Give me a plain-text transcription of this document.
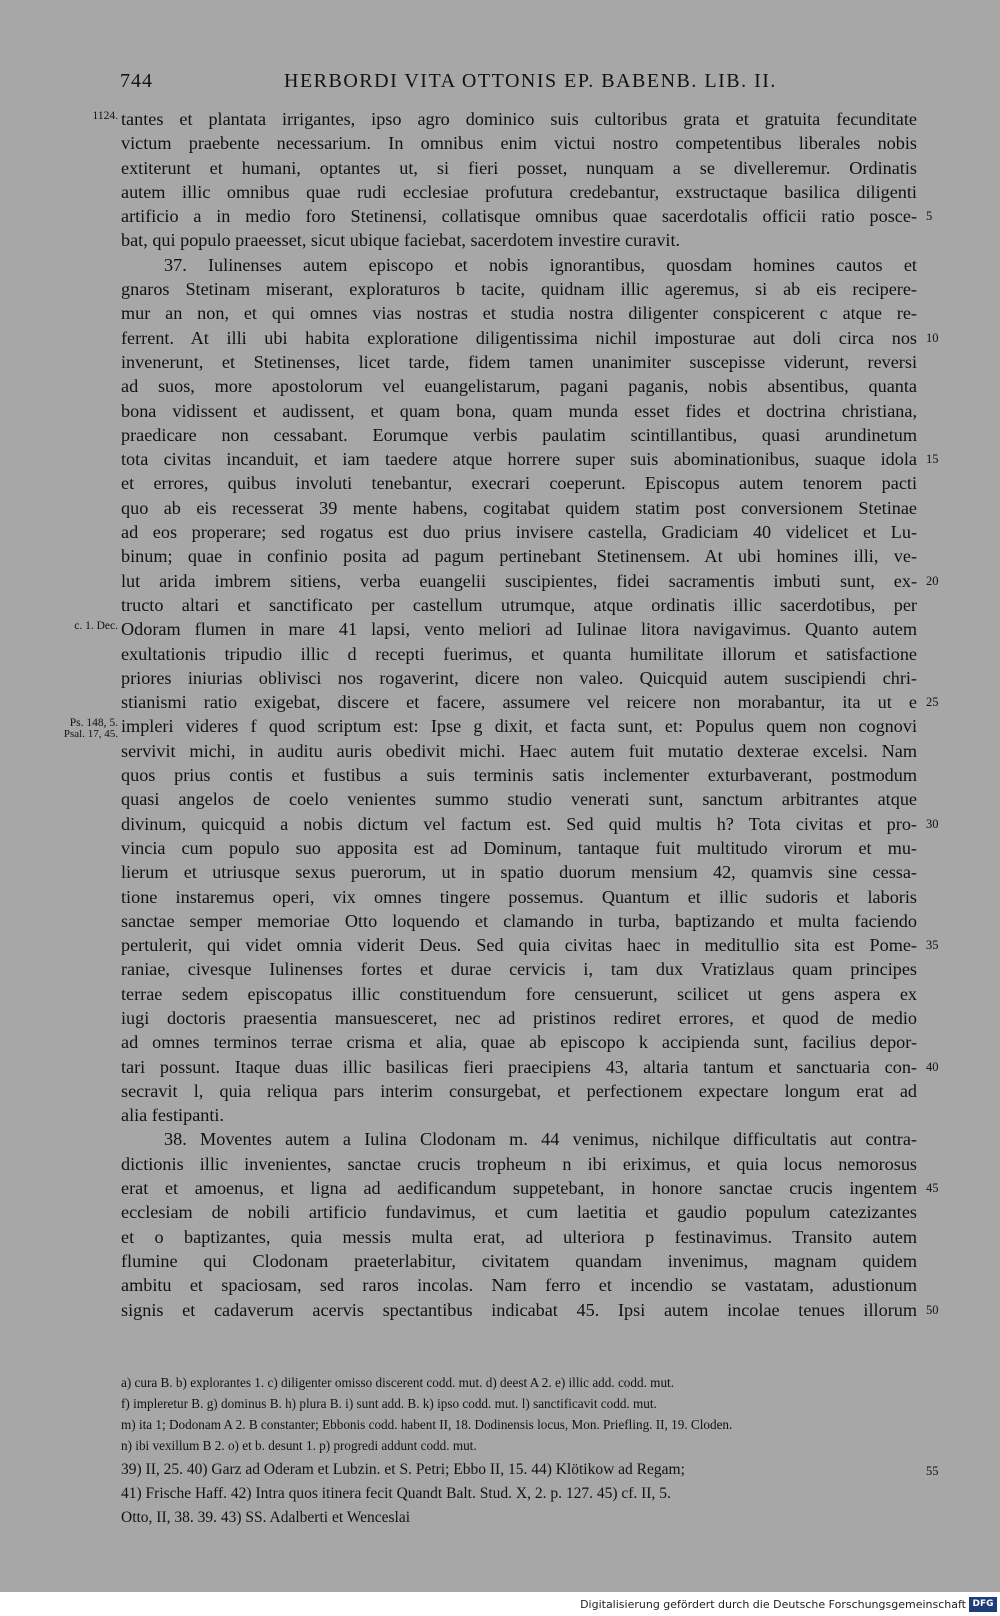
744	HERBORDI VITA OTTONIS EP. BABENB. LIB. II.
1124. tantes et plantata irrigantes, ipso agro dominico suis cultoribus grata et gratuita fecunditate
victum praebente necessarium. In omnibus enim victui nostro competentibus liberales nobis
extiterunt et humani, optantes ut, si fieri posset, nunquam a se divelleremur. Ordinatis
autem illic omnibus quae rudi ecclesiae profutura credebantur, exstructaque basilica diligenti
artificio a in medio foro Stetinensi, collatisque omnibus quae sacerdotalis officii ratio posce- 5
bat, qui populo praeesset, sicut ubique faciebat, sacerdotem investire curavit.
37. Iulinenses autem episcopo et nobis ignorantibus, quosdam homines cautos et
gnaros Stetinam miserant, exploraturos b tacite, quidnam illic ageremus, si ab eis recipere-
mur an non, et qui omnes vias nostras et studia nostra diligenter conspicerent c atque re-
ferrent. At illi ubi habita exploratione diligentissima nichil imposturae aut doli circa nos 10
invenerunt, et Stetinenses, licet tarde, fidem tamen unanimiter suscepisse viderunt, reversi
ad suos, more apostolorum vel euangelistarum, pagani paganis, nobis absentibus, quanta
bona vidissent et audissent, et quam bona, quam munda esset fides et doctrina christiana,
praedicare non cessabant. Eorumque verbis paulatim scintillantibus, quasi arundinetum
tota civitas incanduit, et iam taedere atque horrere super suis abominationibus, suaque idola 15
et errores, quibus involuti tenebantur, execrari coeperunt. Episcopus autem tenorem pacti
quo ab eis recesserat 39 mente habens, cogitabat quidem statim post conversionem Stetinae
ad eos properare; sed rogatus est duo prius invisere castella, Gradiciam 40 videlicet et Lu-
binum; quae in confinio posita ad pagum pertinebant Stetinensem. At ubi homines illi, ve-
lut arida imbrem sitiens, verba euangelii suscipientes, fidei sacramentis imbuti sunt, ex- 20
tructo altari et sanctificato per castellum utrumque, atque ordinatis illic sacerdotibus, per
c. 1. Dec. Odoram flumen in mare 41 lapsi, vento meliori ad Iulinae litora navigavimus. Quanto autem
exultationis tripudio illic d recepti fuerimus, et quanta humilitate illorum et satisfactione
priores iniurias oblivisci nos rogaverint, dicere non valeo. Quicquid autem suscipiendi chri-
stianismi ratio exigebat, discere et facere, assumere vel reicere non morabantur, ita ut e 25
Ps. 148, 5.
Psal. 17, 45. impleri videres f quod scriptum est: Ipse g dixit, et facta sunt, et: Populus quem non cognovi
servivit michi, in auditu auris obedivit michi. Haec autem fuit mutatio dexterae excelsi. Nam
quos prius contis et fustibus a suis terminis satis inclementer exturbaverant, postmodum
quasi angelos de coelo venientes summo studio venerati sunt, sanctum arbitrantes atque
divinum, quicquid a nobis dictum vel factum est. Sed quid multis h? Tota civitas et pro- 30
vincia cum populo suo apposita est ad Dominum, tantaque fuit multitudo virorum et mu-
lierum et utriusque sexus puerorum, ut in spatio duorum mensium 42, quamvis sine cessa-
tione instaremus operi, vix omnes tingere possemus. Quantum et illic sudoris et laboris
sanctae semper memoriae Otto loquendo et clamando in turba, baptizando et multa faciendo
pertulerit, qui videt omnia viderit Deus. Sed quia civitas haec in meditullio sita est Pome- 35
raniae, civesque Iulinenses fortes et durae cervicis i, tam dux Vratizlaus quam principes
terrae sedem episcopatus illic constituendum fore censuerunt, scilicet ut gens aspera ex
iugi doctoris praesentia mansuesceret, nec ad pristinos rediret errores, et quod de medio
ad omnes terminos terrae crisma et alia, quae ab episcopo k accipienda sunt, facilius depor-
tari possunt. Itaque duas illic basilicas fieri praecipiens 43, altaria tantum et sanctuaria con- 40
secravit l, quia reliqua pars interim consurgebat, et perfectionem expectare longum erat ad
alia festipanti.
38. Moventes autem a Iulina Clodonam m. 44 venimus, nichilque difficultatis aut contra-
dictionis illic invenientes, sanctae crucis tropheum n ibi eriximus, et quia locus nemorosus
erat et amoenus, et ligna ad aedificandum suppetebant, in honore sanctae crucis ingentem 45
ecclesiam de nobili artificio fundavimus, et cum laetitia et gaudio populum catezizantes
et o baptizantes, quia messis multa erat, ad ulteriora p festinavimus. Transito autem
flumine qui Clodonam praeterlabitur, civitatem quandam invenimus, magnam quidem
ambitu et spaciosam, sed raros incolas. Nam ferro et incendio se vastatam, adustionum
signis et cadaverum acervis spectantibus indicabat 45. Ipsi autem incolae tenues illorum 50
a) cura B. b) explorantes 1. c) diligenter omisso discerent codd. mut. d) deest A 2. e) illic add. codd. mut.
f) impleretur B. g) dominus B. h) plura B. i) sunt add. B. k) ipso codd. mut. l) sanctificavit codd. mut.
m) ita 1; Dodonam A 2. B constanter; Ebbonis codd. habent II, 18. Dodinensis locus, Mon. Priefling. II, 19. Cloden.
n) ibi vexillum B 2. o) et b. desunt 1. p) progredi addunt codd. mut.
39) II, 25. 40) Garz ad Oderam et Lubzin. et S. Petri; Ebbo II, 15. 44) Klötikow ad Regam;	55
41) Frische Haff. 42) Intra quos itinera fecit Quandt Balt. Stud. X, 2. p. 127. 45) cf. II, 5.
Otto, II, 38. 39. 43) SS. Adalberti et Wenceslai
Digitalisierung gefördert durch die Deutsche Forschungsgemeinschaft DFG
